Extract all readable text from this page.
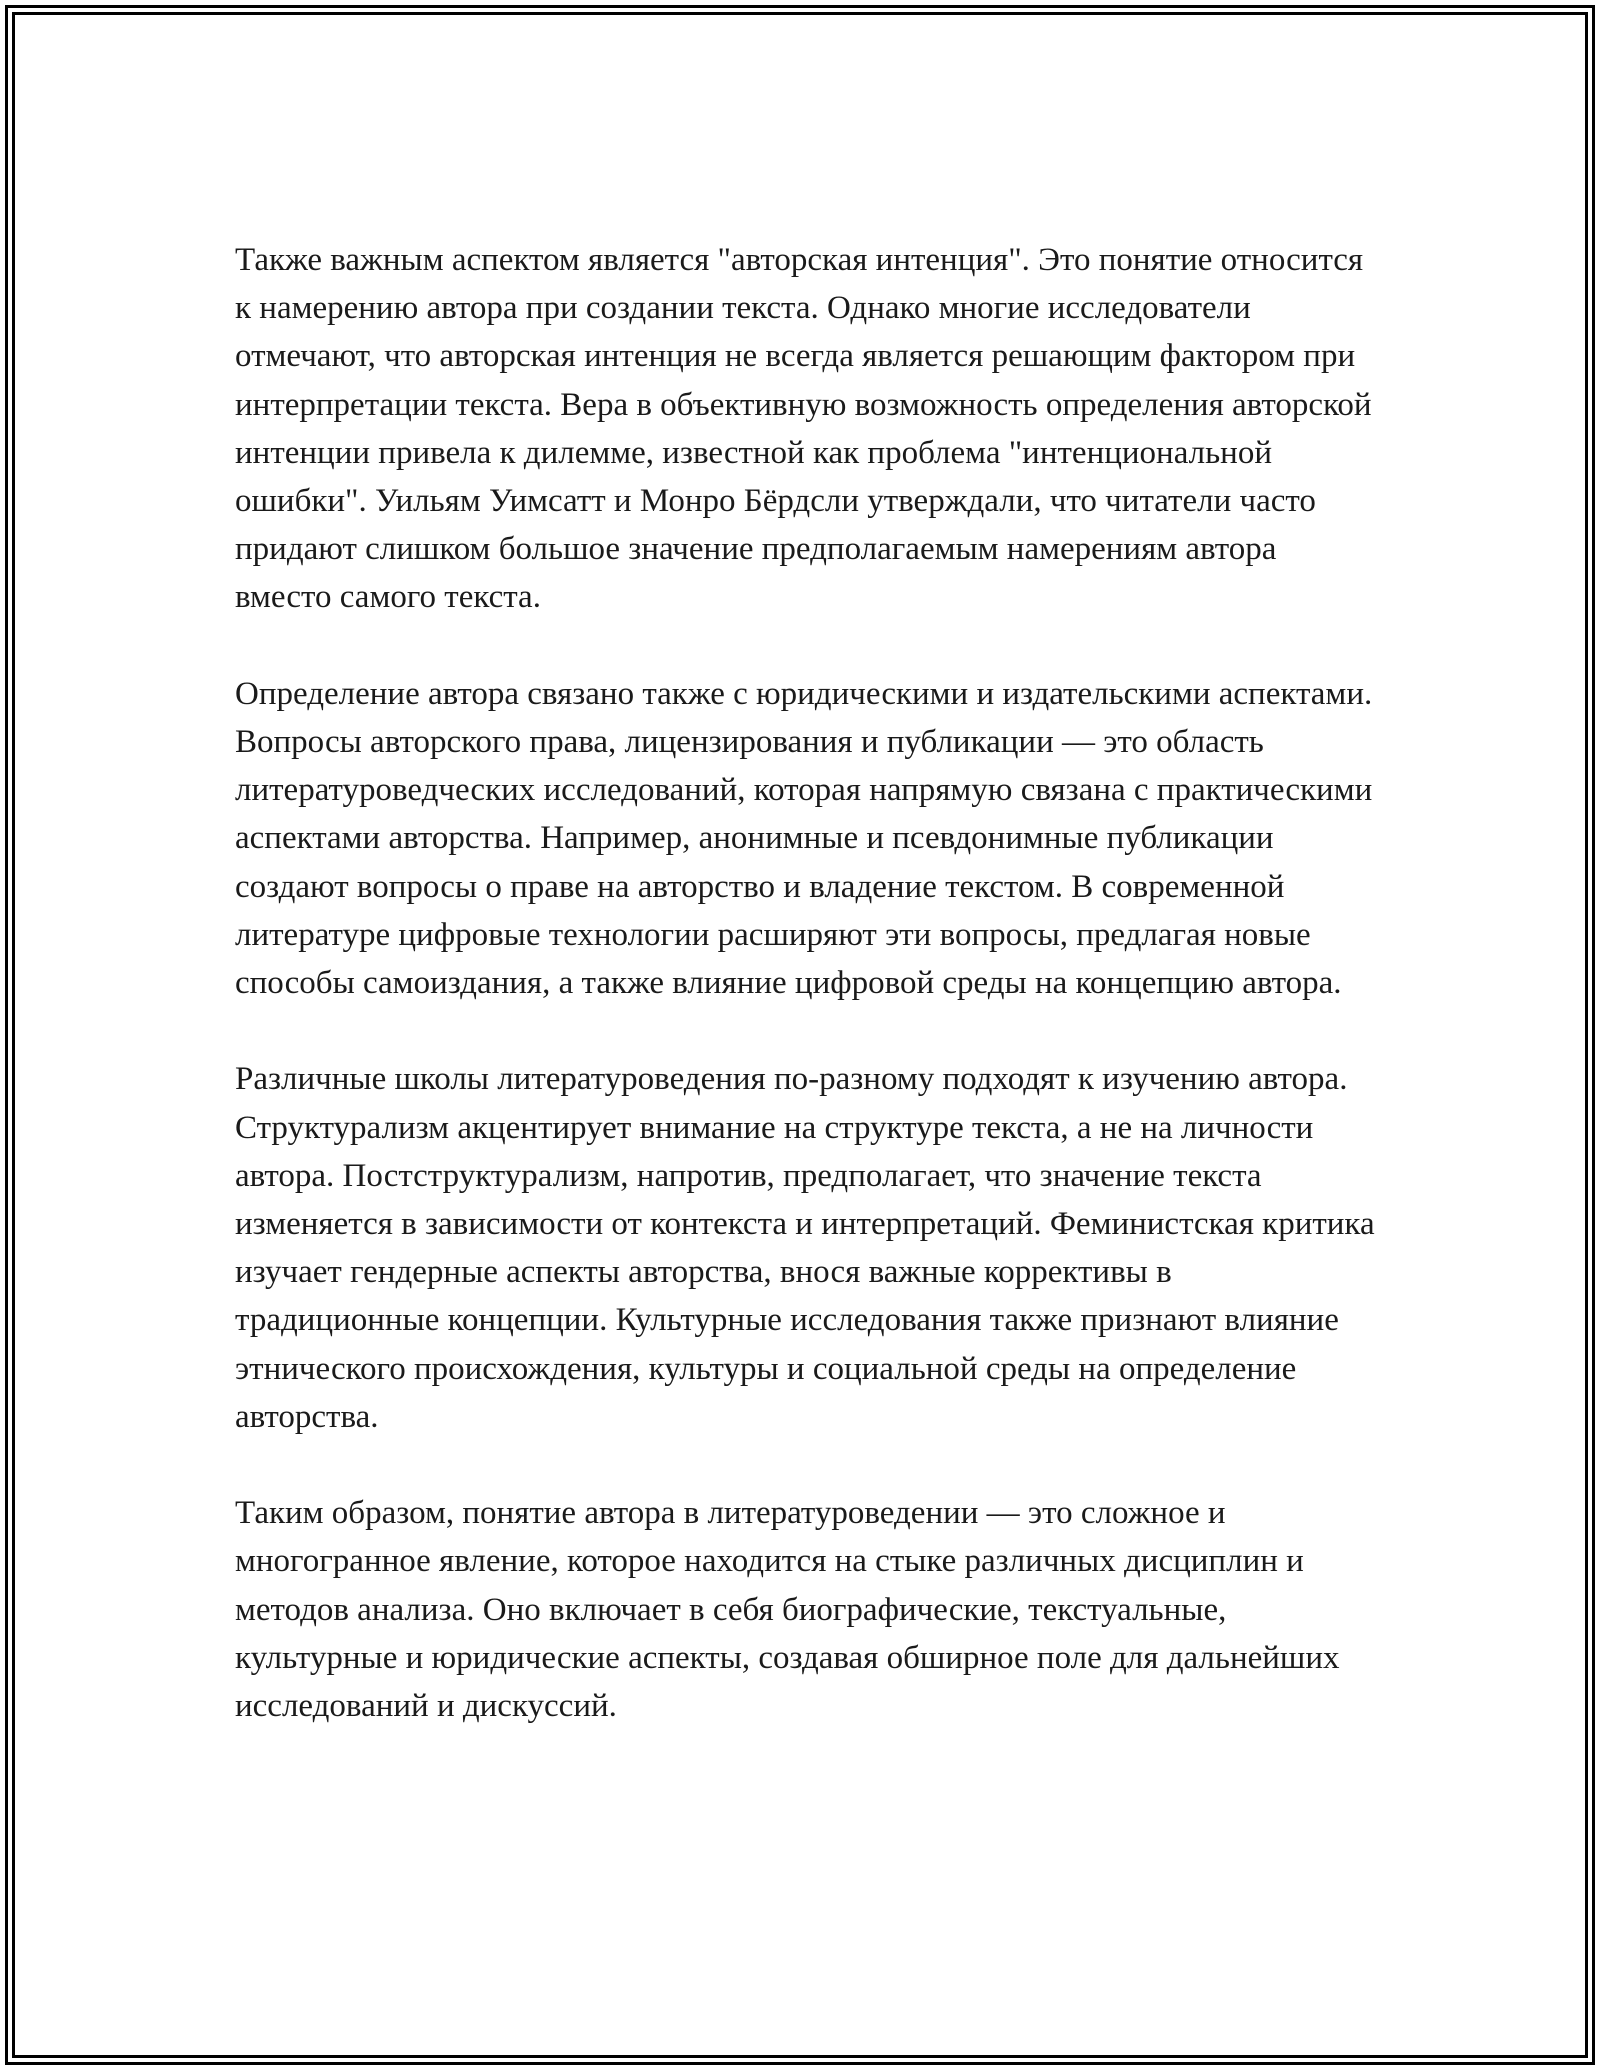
Также важным аспектом является "авторская интенция". Это понятие относится к намерению автора при создании текста. Однако многие исследователи отмечают, что авторская интенция не всегда является решающим фактором при интерпретации текста. Вера в объективную возможность определения авторской интенции привела к дилемме, известной как проблема "интенциональной ошибки". Уильям Уимсатт и Монро Бёрдсли утверждали, что читатели часто придают слишком большое значение предполагаемым намерениям автора вместо самого текста.

Определение автора связано также с юридическими и издательскими аспектами. Вопросы авторского права, лицензирования и публикации — это область литературоведческих исследований, которая напрямую связана с практическими аспектами авторства. Например, анонимные и псевдонимные публикации создают вопросы о праве на авторство и владение текстом. В современной литературе цифровые технологии расширяют эти вопросы, предлагая новые способы самоиздания, а также влияние цифровой среды на концепцию автора.

Различные школы литературоведения по-разному подходят к изучению автора. Структурализм акцентирует внимание на структуре текста, а не на личности автора. Постструктурализм, напротив, предполагает, что значение текста изменяется в зависимости от контекста и интерпретаций. Феминистская критика изучает гендерные аспекты авторства, внося важные коррективы в традиционные концепции. Культурные исследования также признают влияние этнического происхождения, культуры и социальной среды на определение авторства.

Таким образом, понятие автора в литературоведении — это сложное и многогранное явление, которое находится на стыке различных дисциплин и методов анализа. Оно включает в себя биографические, текстуальные, культурные и юридические аспекты, создавая обширное поле для дальнейших исследований и дискуссий.
